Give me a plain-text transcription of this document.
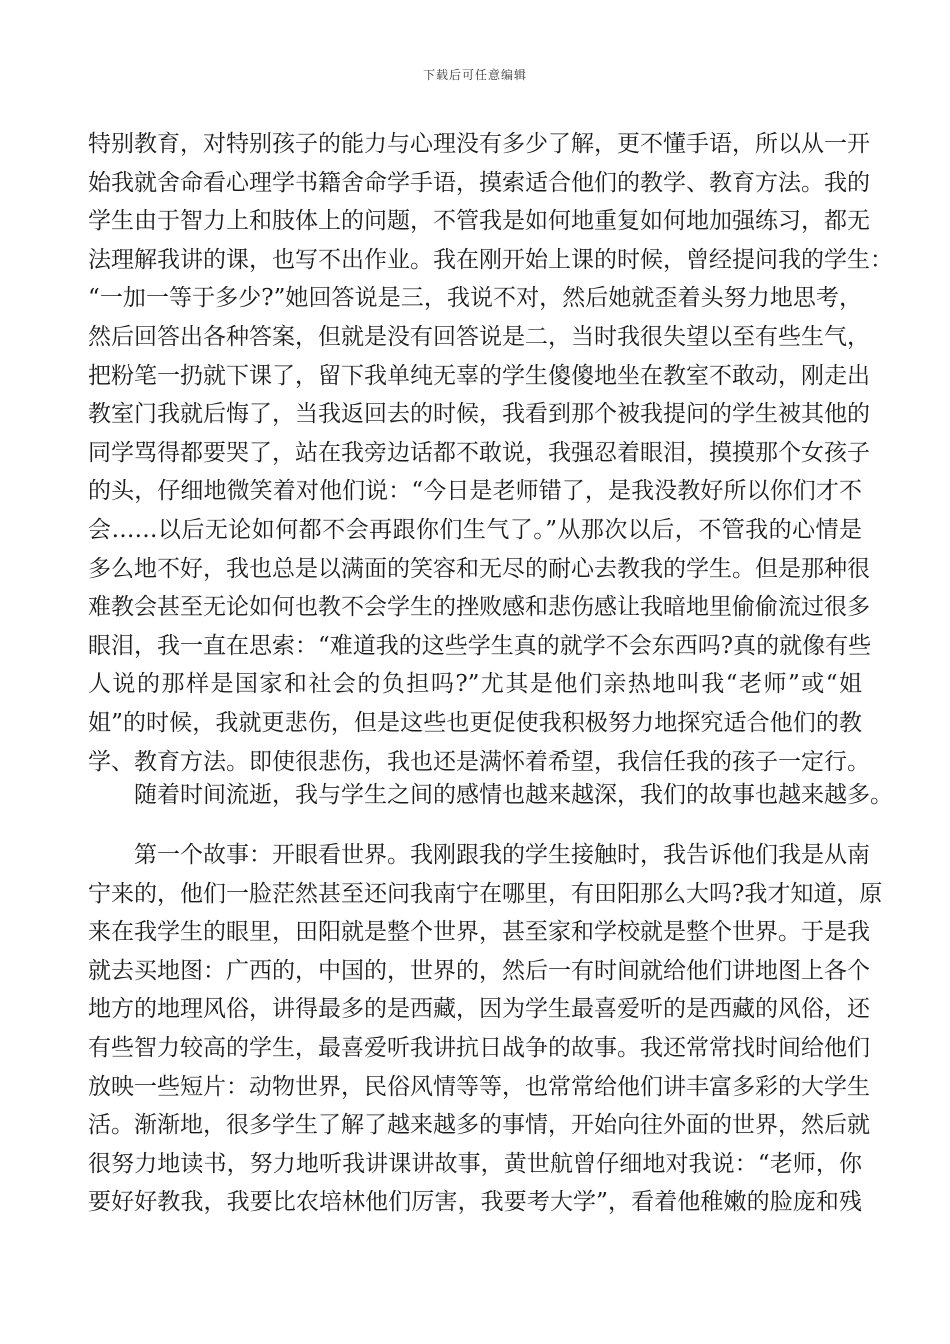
下载后可任意编辑
特别教育，对特别孩子的能力与心理没有多少了解，更不懂手语，所以从一开
始我就舍命看心理学书籍舍命学手语，摸索适合他们的教学、教育方法。我的
学生由于智力上和肢体上的问题，不管我是如何地重复如何地加强练习，都无
法理解我讲的课，也写不出作业。我在刚开始上课的时候，曾经提问我的学生：
“一加一等于多少?”她回答说是三，我说不对，然后她就歪着头努力地思考，
然后回答出各种答案，但就是没有回答说是二，当时我很失望以至有些生气，
把粉笔一扔就下课了，留下我单纯无辜的学生傻傻地坐在教室不敢动，刚走出
教室门我就后悔了，当我返回去的时候，我看到那个被我提问的学生被其他的
同学骂得都要哭了，站在我旁边话都不敢说，我强忍着眼泪，摸摸那个女孩子
的头，仔细地微笑着对他们说：“今日是老师错了，是我没教好所以你们才不
会……以后无论如何都不会再跟你们生气了。”从那次以后，不管我的心情是
多么地不好，我也总是以满面的笑容和无尽的耐心去教我的学生。但是那种很
难教会甚至无论如何也教不会学生的挫败感和悲伤感让我暗地里偷偷流过很多
眼泪，我一直在思索：“难道我的这些学生真的就学不会东西吗?真的就像有些
人说的那样是国家和社会的负担吗?”尤其是他们亲热地叫我“老师”或“姐
姐”的时候，我就更悲伤，但是这些也更促使我积极努力地探究适合他们的教
学、教育方法。即使很悲伤，我也还是满怀着希望，我信任我的孩子一定行。
随着时间流逝，我与学生之间的感情也越来越深，我们的故事也越来越多。
第一个故事：开眼看世界。我刚跟我的学生接触时，我告诉他们我是从南
宁来的，他们一脸茫然甚至还问我南宁在哪里，有田阳那么大吗?我才知道，原
来在我学生的眼里，田阳就是整个世界，甚至家和学校就是整个世界。于是我
就去买地图：广西的，中国的，世界的，然后一有时间就给他们讲地图上各个
地方的地理风俗，讲得最多的是西藏，因为学生最喜爱听的是西藏的风俗，还
有些智力较高的学生，最喜爱听我讲抗日战争的故事。我还常常找时间给他们
放映一些短片：动物世界，民俗风情等等，也常常给他们讲丰富多彩的大学生
活。渐渐地，很多学生了解了越来越多的事情，开始向往外面的世界，然后就
很努力地读书，努力地听我讲课讲故事，黄世航曾仔细地对我说：“老师，你
要好好教我，我要比农培林他们厉害，我要考大学”，看着他稚嫩的脸庞和残
